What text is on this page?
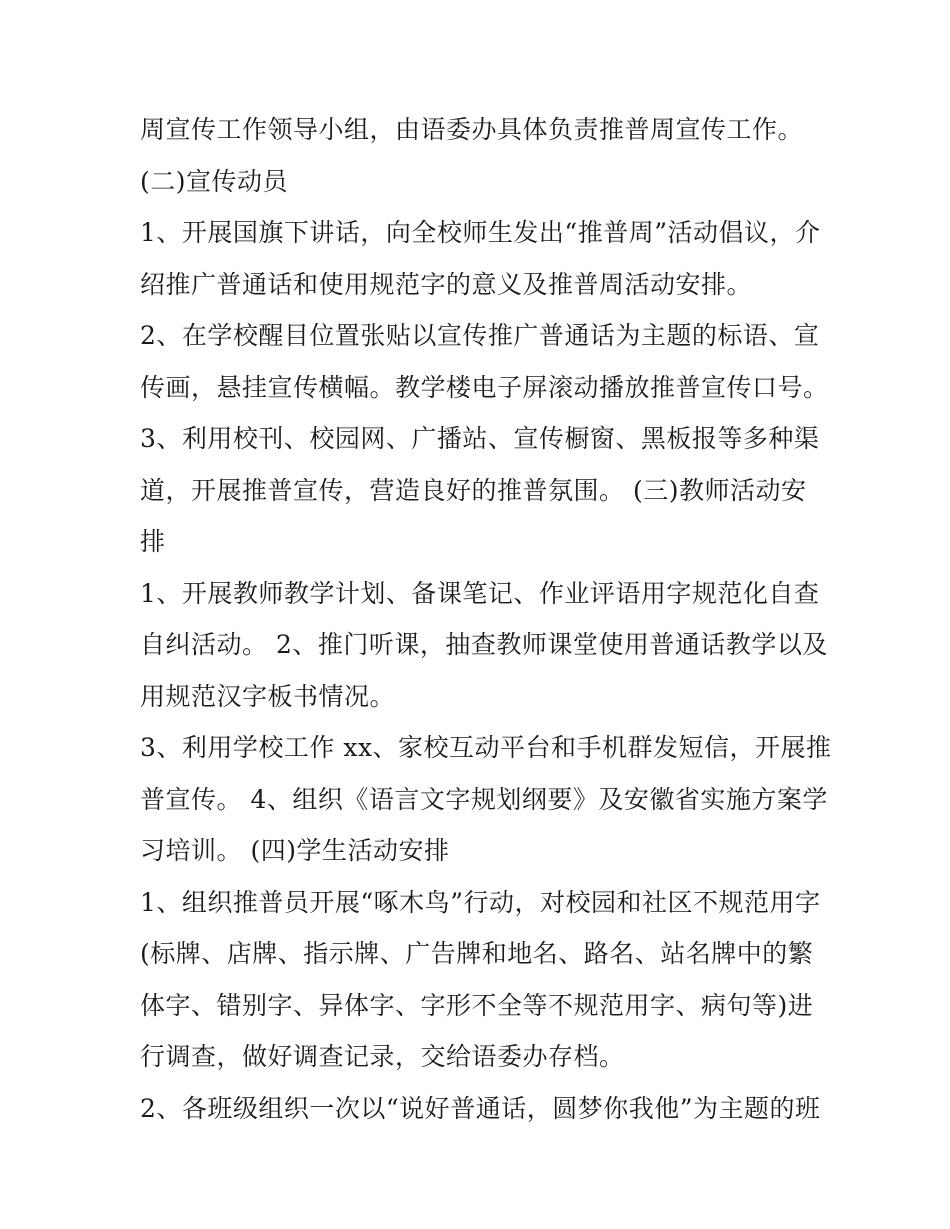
周宣传工作领导小组，由语委办具体负责推普周宣传工作。
(二)宣传动员
1、开展国旗下讲话，向全校师生发出“推普周”活动倡议，介
绍推广普通话和使用规范字的意义及推普周活动安排。
2、在学校醒目位置张贴以宣传推广普通话为主题的标语、宣
传画，悬挂宣传横幅。教学楼电子屏滚动播放推普宣传口号。
3、利用校刊、校园网、广播站、宣传橱窗、黑板报等多种渠
道，开展推普宣传，营造良好的推普氛围。 (三)教师活动安
排
1、开展教师教学计划、备课笔记、作业评语用字规范化自查
自纠活动。 2、推门听课，抽查教师课堂使用普通话教学以及
用规范汉字板书情况。
3、利用学校工作 xx、家校互动平台和手机群发短信，开展推
普宣传。 4、组织《语言文字规划纲要》及安徽省实施方案学
习培训。 (四)学生活动安排
1、组织推普员开展“啄木鸟”行动，对校园和社区不规范用字
(标牌、店牌、指示牌、广告牌和地名、路名、站名牌中的繁
体字、错别字、异体字、字形不全等不规范用字、病句等)进
行调查，做好调查记录，交给语委办存档。
2、各班级组织一次以“说好普通话，圆梦你我他”为主题的班
